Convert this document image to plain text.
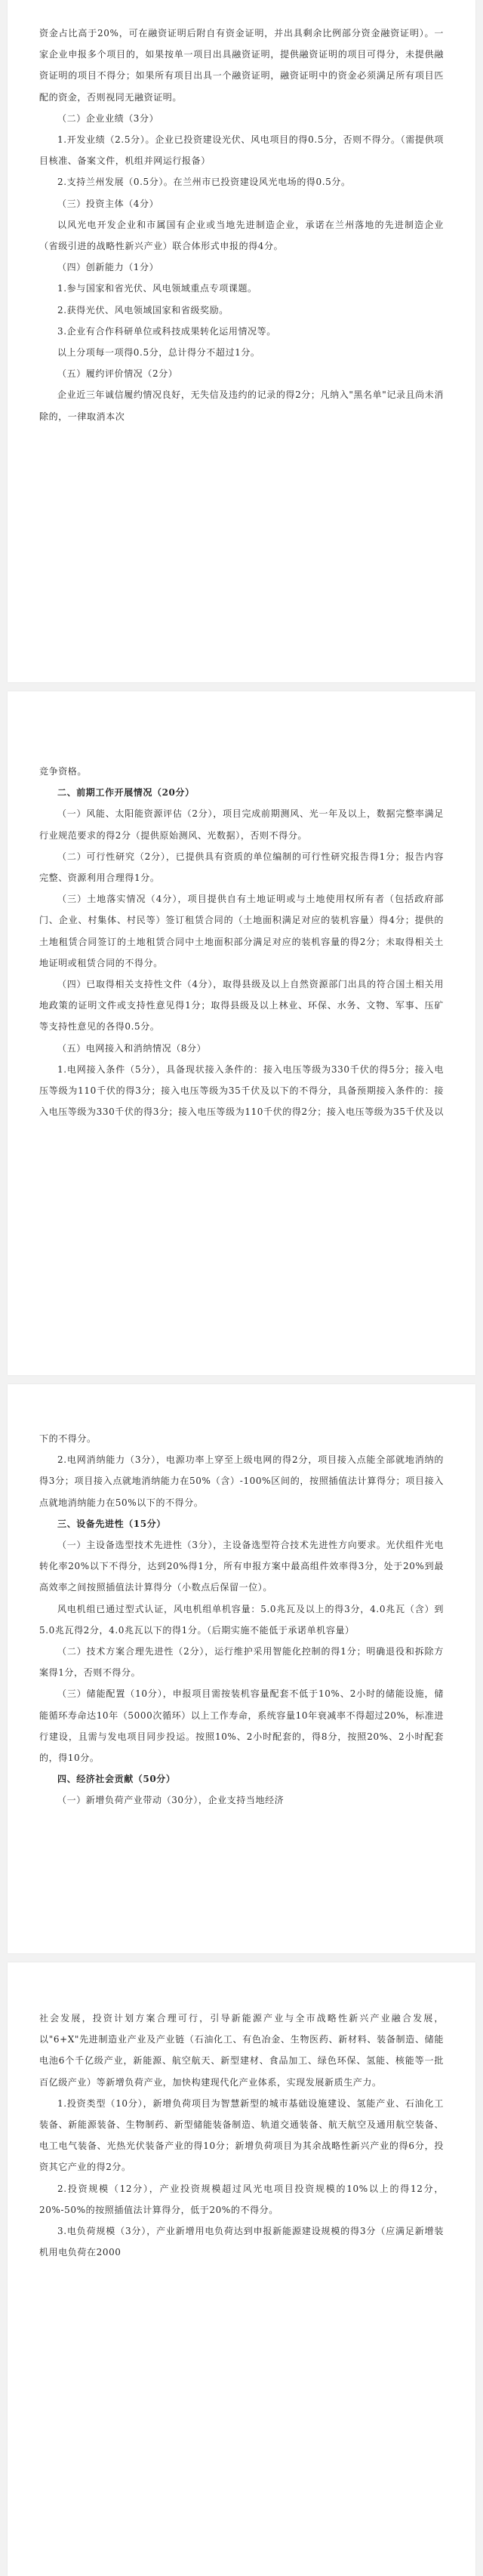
资金占比高于20%，可在融资证明后附自有资金证明，并出具剩余比例部分资金融资证明）。一家企业申报多个项目的，如果按单一项目出具融资证明，提供融资证明的项目可得分，未提供融资证明的项目不得分；如果所有项目出具一个融资证明，融资证明中的资金必须满足所有项目匹配的资金，否则视同无融资证明。

（二）企业业绩（3分）

1.开发业绩（2.5分）。企业已投资建设光伏、风电项目的得0.5分，否则不得分。（需提供项目核准、备案文件，机组并网运行报备）

2.支持兰州发展（0.5分）。在兰州市已投资建设风光电场的得0.5分。

（三）投资主体（4分）

以风光电开发企业和市属国有企业或当地先进制造企业，承诺在兰州落地的先进制造企业（省级引进的战略性新兴产业）联合体形式申报的得4分。

（四）创新能力（1分）

1.参与国家和省光伏、风电领域重点专项课题。

2.获得光伏、风电领域国家和省级奖励。

3.企业有合作科研单位或科技成果转化运用情况等。

以上分项每一项得0.5分，总计得分不超过1分。

（五）履约评价情况（2分）

企业近三年诚信履约情况良好，无失信及违约的记录的得2分；凡纳入"黑名单"记录且尚未消除的，一律取消本次

竞争资格。

二、前期工作开展情况（20分）

（一）风能、太阳能资源评估（2分），项目完成前期测风、光一年及以上，数据完整率满足行业规范要求的得2分（提供原始测风、光数据），否则不得分。

（二）可行性研究（2分），已提供具有资质的单位编制的可行性研究报告得1分；报告内容完整、资源利用合理得1分。

（三）土地落实情况（4分），项目提供自有土地证明或与土地使用权所有者（包括政府部门、企业、村集体、村民等）签订租赁合同的（土地面积满足对应的装机容量）得4分；提供的土地租赁合同签订的土地租赁合同中土地面积部分满足对应的装机容量的得2分；未取得相关土地证明或租赁合同的不得分。

（四）已取得相关支持性文件（4分），取得县级及以上自然资源部门出具的符合国土相关用地政策的证明文件或支持性意见得1分；取得县级及以上林业、环保、水务、文物、军事、压矿等支持性意见的各得0.5分。

（五）电网接入和消纳情况（8分）

1.电网接入条件（5分），具备现状接入条件的：接入电压等级为330千伏的得5分；接入电压等级为110千伏的得3分；接入电压等级为35千伏及以下的不得分，具备预期接入条件的：接入电压等级为330千伏的得3分；接入电压等级为110千伏的得2分；接入电压等级为35千伏及以

下的不得分。

2.电网消纳能力（3分），电源功率上穿至上级电网的得2分，项目接入点能全部就地消纳的得3分；项目接入点就地消纳能力在50%（含）-100%区间的，按照插值法计算得分；项目接入点就地消纳能力在50%以下的不得分。

三、设备先进性（15分）

（一）主设备选型技术先进性（3分），主设备选型符合技术先进性方向要求。光伏组件光电转化率20%以下不得分，达到20%得1分，所有申报方案中最高组件效率得3分，处于20%到最高效率之间按照插值法计算得分（小数点后保留一位）。

风电机组已通过型式认证，风电机组单机容量：5.0兆瓦及以上的得3分，4.0兆瓦（含）到5.0兆瓦得2分，4.0兆瓦以下的得1分。（后期实施不能低于承诺单机容量）

（二）技术方案合理先进性（2分），运行维护采用智能化控制的得1分；明确退役和拆除方案得1分，否则不得分。

（三）储能配置（10分），申报项目需按装机容量配套不低于10%、2小时的储能设施，储能循环寿命达10年（5000次循环）以上工作寿命，系统容量10年衰减率不得超过20%，标准进行建设，且需与发电项目同步投运。按照10%、2小时配套的，得8分，按照20%、2小时配套的，得10分。

四、经济社会贡献（50分）

（一）新增负荷产业带动（30分），企业支持当地经济

社会发展，投资计划方案合理可行，引导新能源产业与全市战略性新兴产业融合发展，以"6+X"先进制造业产业及产业链（石油化工、有色冶金、生物医药、新材料、装备制造、储能电池6个千亿级产业，新能源、航空航天、新型建材、食品加工、绿色环保、氢能、核能等一批百亿级产业）等新增负荷产业，加快构建现代化产业体系，实现发展新质生产力。

1.投资类型（10分），新增负荷项目为智慧新型的城市基础设施建设、氢能产业、石油化工装备、新能源装备、生物制药、新型储能装备制造、轨道交通装备、航天航空及通用航空装备、电工电气装备、光热光伏装备产业的得10分；新增负荷项目为其余战略性新兴产业的得6分，投资其它产业的得2分。

2.投资规模（12分），产业投资规模超过风光电项目投资规模的10%以上的得12分，20%-50%的按照插值法计算得分，低于20%的不得分。

3.电负荷规模（3分），产业新增用电负荷达到申报新能源建设规模的得3分（应满足新增装机用电负荷在2000
